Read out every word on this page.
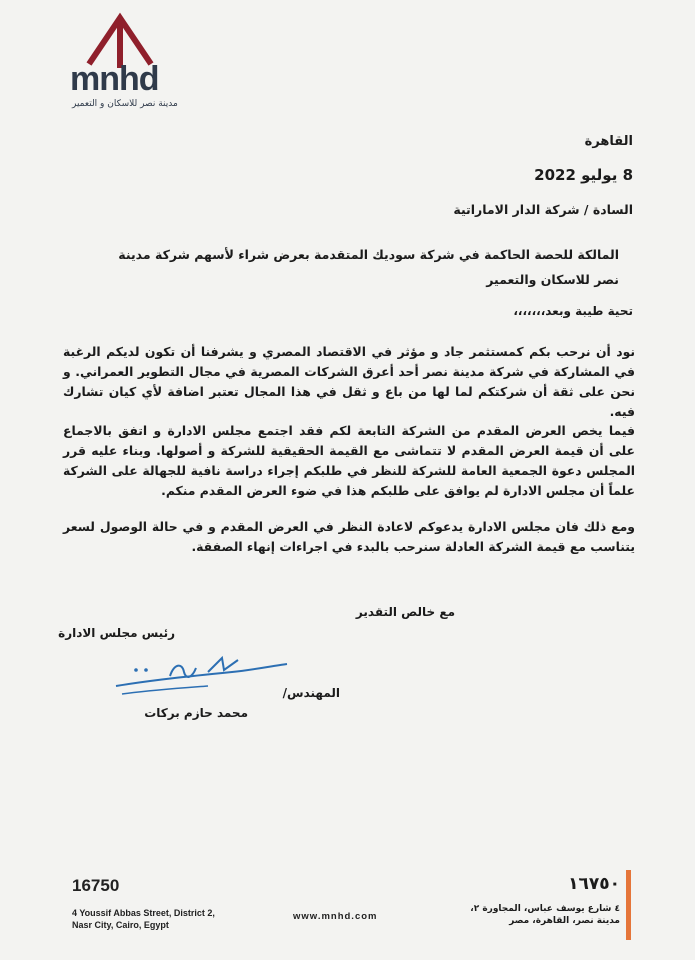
mnhd
مدينة نصر للاسكان و التعمير
القاهرة
8 يوليو 2022
السادة / شركة الدار الاماراتية
المالكة للحصة الحاكمة في شركة سوديك المتقدمة بعرض شراء لأسهم شركة مدينة
نصر للاسكان والتعمير
تحية طيبة وبعد،،،،،،،
نود أن نرحب بكم كمستثمر جاد و مؤثر في الاقتصاد المصري و يشرفنا أن تكون لديكم الرغبة في المشاركة في شركة مدينة نصر أحد أعرق الشركات المصرية في مجال التطوير العمراني. و نحن على ثقة أن شركتكم لما لها من باع و ثقل في هذا المجال تعتبر اضافة لأي كيان تشارك فيه.
فيما يخص العرض المقدم من الشركة التابعة لكم فقد اجتمع مجلس الادارة و اتفق بالاجماع على أن قيمة العرض المقدم لا تتماشى مع القيمة الحقيقية للشركة و أصولها. وبناء عليه قرر المجلس دعوة الجمعية العامة للشركة للنظر في طلبكم إجراء دراسة نافية للجهالة على الشركة علماً أن مجلس الادارة لم يوافق على طلبكم هذا في ضوء العرض المقدم منكم.
ومع ذلك فان مجلس الادارة يدعوكم لاعادة النظر في العرض المقدم و في حالة الوصول لسعر يتناسب مع قيمة الشركة العادلة سنرحب بالبدء في اجراءات إنهاء الصفقة.
مع خالص التقدير
رئيس مجلس الادارة
المهندس/
محمد حازم بركات
16750
4 Youssif Abbas Street, District 2,
Nasr City, Cairo, Egypt
www.mnhd.com
١٦٧٥٠
٤ شارع يوسف عباس، المجاورة ٢،
مدينة نصر، القاهرة، مصر
